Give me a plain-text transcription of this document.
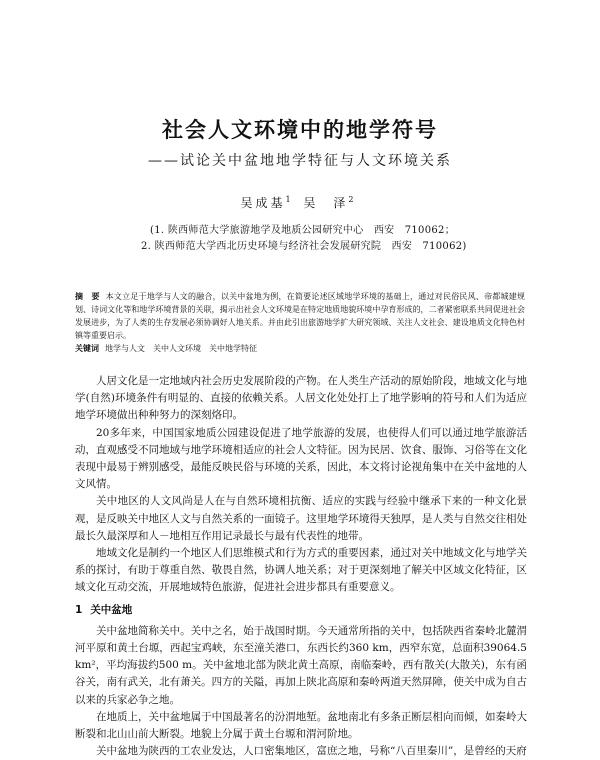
社会人文环境中的地学符号
——试论关中盆地地学特征与人文环境关系
吴成基$^1$ 吴　泽$^2$
(1. 陕西师范大学旅游地学及地质公园研究中心　西安　710062；
2. 陕西师范大学西北历史环境与经济社会发展研究院　西安　710062)

摘　要 本文立足于地学与人文的融合，以关中盆地为例，在简要论述区域地学环境的基础上，通过对民俗民风、帝都城建规划、诗词文化等和地学环境背景的关联，揭示出社会人文环境是在特定地质地貌环境中孕育形成的，二者紧密联系共同促进社会发展进步，为了人类的生存发展必须协调好人地关系。并由此引出旅游地学扩大研究领域、关注人文社会、建设地质文化特色村镇等重要启示。

关键词 地学与人文　关中人文环境　关中地学特征

人居文化是一定地域内社会历史发展阶段的产物。在人类生产活动的原始阶段，地域文化与地学(自然)环境条件有明显的、直接的依赖关系。人居文化处处打上了地学影响的符号和人们为适应地学环境做出种种努力的深刻烙印。

20多年来，中国国家地质公园建设促进了地学旅游的发展，也使得人们可以通过地学旅游活动，直观感受不同地域与地学环境相适应的社会人文特征。因为民居、饮食、服饰、习俗等在文化表现中最易于辨别感受，最能反映民俗与环境的关系，因此，本文将讨论视角集中在关中盆地的人文风情。

关中地区的人文风尚是人在与自然环境相抗衡、适应的实践与经验中继承下来的一种文化景观，是反映关中地区人文与自然关系的一面镜子。这里地学环境得天独厚，是人类与自然交往相处最长久最深厚和人－地相互作用记录最长与最有代表性的地带。

地域文化是制约一个地区人们思维模式和行为方式的重要因素，通过对关中地域文化与地学关系的探讨，有助于尊重自然、敬畏自然，协调人地关系；对于更深刻地了解关中区域文化特征，区域文化互动交流，开展地域特色旅游，促进社会进步都具有重要意义。

1 关中盆地

关中盆地简称关中。关中之名，始于战国时期。今天通常所指的关中，包括陕西省秦岭北麓渭河平原和黄土台塬，西起宝鸡峡，东至潼关港口，东西长约360 km，西窄东宽，总面积39064.5 km²，平均海拔约500 m。关中盆地北部为陕北黄土高原，南临秦岭，西有散关(大散关)，东有函谷关，南有武关，北有萧关。四方的关隘，再加上陕北高原和秦岭两道天然屏障，使关中成为自古以来的兵家必争之地。

在地质上，关中盆地属于中国最著名的汾渭地堑。盆地南北有多条正断层相向而倾，如秦岭大断裂和北山山前大断裂。地貌上分属于黄土台塬和渭河阶地。

关中盆地为陕西的工农业发达，人口密集地区，富庶之地，号称“八百里秦川”，是曾经的天府
